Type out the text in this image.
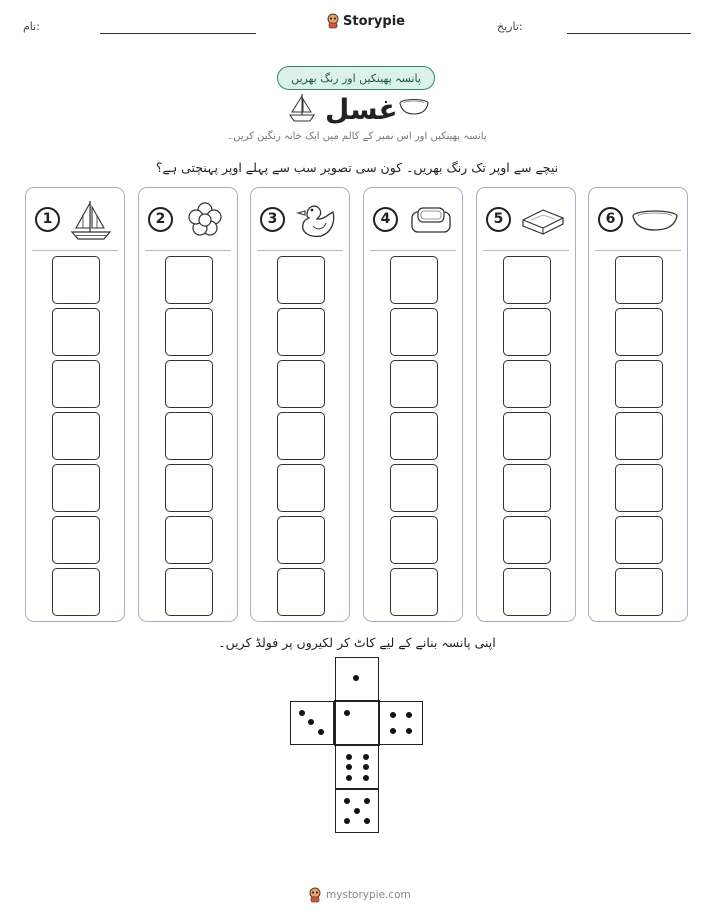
نام:	Storypie	تاریخ:
پانسہ پھینکیں اور رنگ بھریں
غسل
پانسہ پھینکیں اور اس نمبر کے کالم میں ایک خانہ رنگین کریں۔
نیچے سے اوپر تک رنگ بھریں۔ کون سی تصویر سب سے پہلے اوپر پہنچتی ہے؟
1	2	3	4	5	6
اپنی پانسہ بنانے کے لیے کاٹ کر لکیروں پر فولڈ کریں۔
mystorypie.com
